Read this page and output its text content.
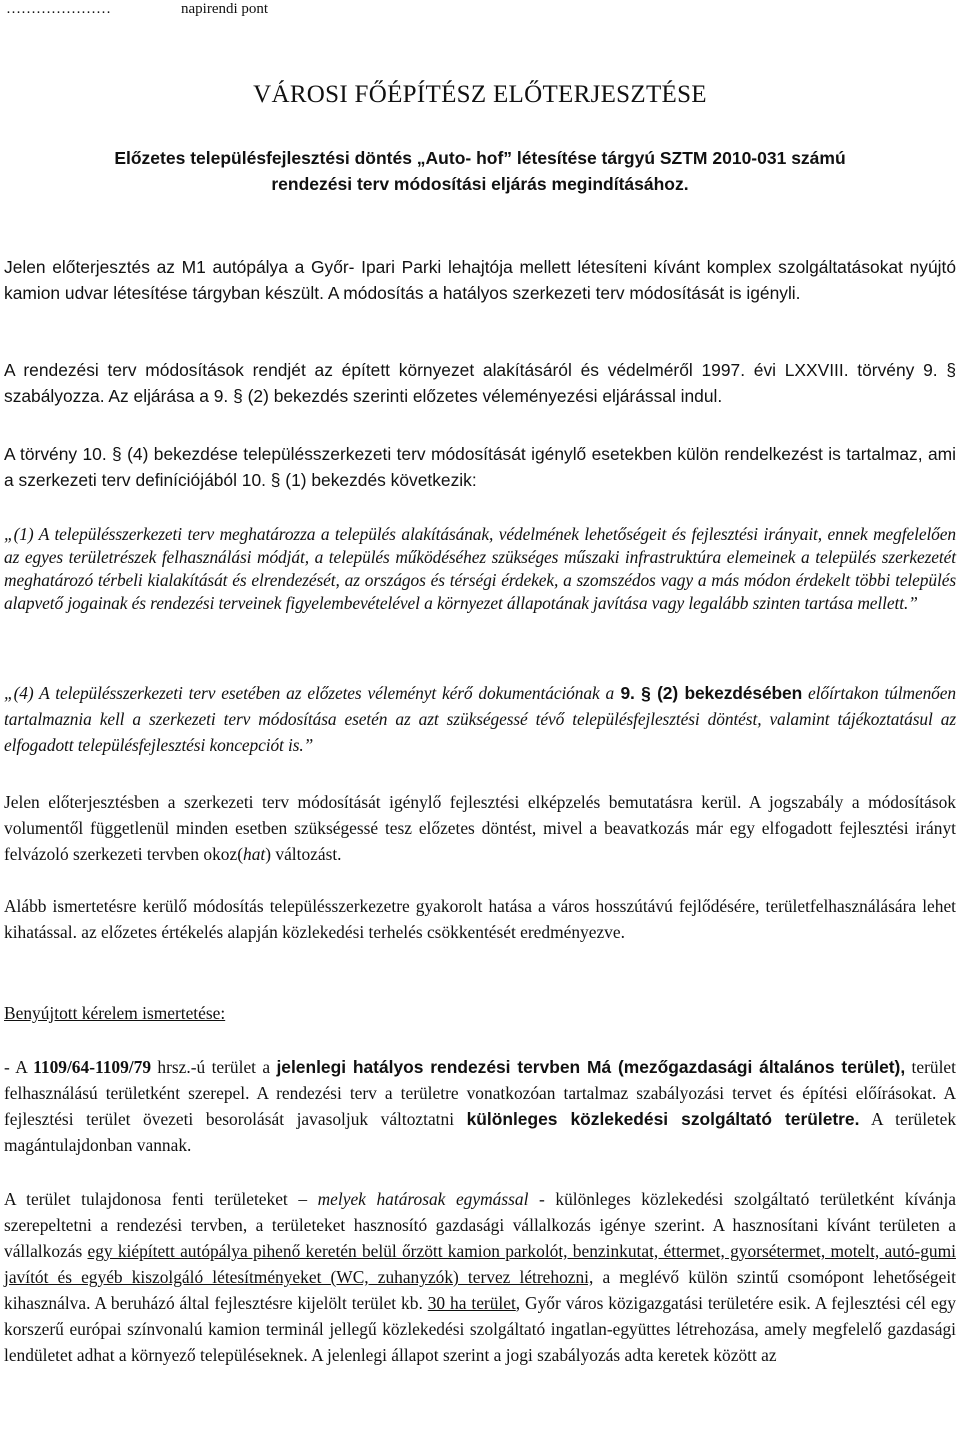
…………………	napirendi pont
VÁROSI FŐÉPÍTÉSZ ELŐTERJESZTÉSE
Előzetes településfejlesztési döntés „Auto- hof” létesítése tárgyú SZTM 2010-031 számú
rendezési terv módosítási eljárás megindításához.

Jelen előterjesztés az M1 autópálya a Győr- Ipari Parki lehajtója mellett létesíteni kívánt komplex szolgáltatásokat nyújtó kamion udvar létesítése tárgyban készült. A módosítás a hatályos szerkezeti terv módosítását is igényli.

A rendezési terv módosítások rendjét az épített környezet alakításáról és védelméről 1997. évi LXXVIII. törvény 9. § szabályozza. Az eljárása a 9. § (2) bekezdés szerinti előzetes véleményezési eljárással indul.

A törvény 10. § (4) bekezdése településszerkezeti terv módosítását igénylő esetekben külön rendelkezést is tartalmaz, ami a szerkezeti terv definíciójából 10. § (1) bekezdés következik:

„(1) A településszerkezeti terv meghatározza a település alakításának, védelmének lehetőségeit és fejlesztési irányait, ennek megfelelően az egyes területrészek felhasználási módját, a település működéséhez szükséges műszaki infrastruktúra elemeinek a település szerkezetét meghatározó térbeli kialakítását és elrendezését, az országos és térségi érdekek, a szomszédos vagy a más módon érdekelt többi település alapvető jogainak és rendezési terveinek figyelembevételével a környezet állapotának javítása vagy legalább szinten tartása mellett.”

„(4) A településszerkezeti terv esetében az előzetes véleményt kérő dokumentációnak a 9. § (2) bekezdésében előírtakon túlmenően tartalmaznia kell a szerkezeti terv módosítása esetén az azt szükségessé tévő településfejlesztési döntést, valamint tájékoztatásul az elfogadott településfejlesztési koncepciót is.”

Jelen előterjesztésben a szerkezeti terv módosítását igénylő fejlesztési elképzelés bemutatásra kerül. A jogszabály a módosítások volumentől függetlenül minden esetben szükségessé tesz előzetes döntést, mivel a beavatkozás már egy elfogadott fejlesztési irányt felvázoló szerkezeti tervben okoz(hat) változást.

Alább ismertetésre kerülő módosítás településszerkezetre gyakorolt hatása a város hosszútávú fejlődésére, területfelhasználására lehet kihatással. az előzetes értékelés alapján közlekedési terhelés csökkentését eredményezve.

Benyújtott kérelem ismertetése:

- A 1109/64-1109/79 hrsz.-ú terület a jelenlegi hatályos rendezési tervben Má (mezőgazdasági általános terület), terület felhasználású területként szerepel. A rendezési terv a területre vonatkozóan tartalmaz szabályozási tervet és építési előírásokat. A fejlesztési terület övezeti besorolását javasoljuk változtatni különleges közlekedési szolgáltató területre. A területek magántulajdonban vannak.

A terület tulajdonosa fenti területeket – melyek határosak egymással - különleges közlekedési szolgáltató területként kívánja szerepeltetni a rendezési tervben, a területeket hasznosító gazdasági vállalkozás igénye szerint. A hasznosítani kívánt területen a vállalkozás egy kiépített autópálya pihenő keretén belül őrzött kamion parkolót, benzinkutat, éttermet, gyorsétermet, motelt, autó-gumi javítót és egyéb kiszolgáló létesítményeket (WC, zuhanyzók) tervez létrehozni, a meglévő külön szintű csomópont lehetőségeit kihasználva. A beruházó által fejlesztésre kijelölt terület kb. 30 ha terület, Győr város közigazgatási területére esik. A fejlesztési cél egy korszerű európai színvonalú kamion terminál jellegű közlekedési szolgáltató ingatlan-együttes létrehozása, amely megfelelő gazdasági lendületet adhat a környező településeknek. A jelenlegi állapot szerint a jogi szabályozás adta keretek között az
